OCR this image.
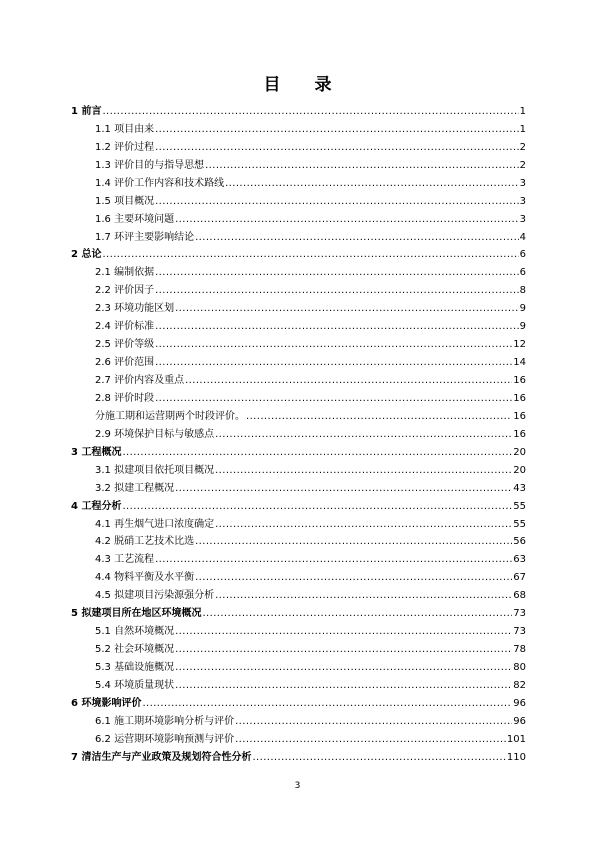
目 录
1 前言 .....	1
1.1 项目由来 .....	1
1.2 评价过程 .....	2
1.3 评价目的与指导思想 .....	2
1.4 评价工作内容和技术路线 .....	3
1.5 项目概况 .....	3
1.6 主要环境问题 .....	3
1.7 环评主要影响结论 .....	4
2 总论 .....	6
2.1 编制依据 .....	6
2.2 评价因子 .....	8
2.3 环境功能区划 .....	9
2.4 评价标准 .....	9
2.5 评价等级 .....	12
2.6 评价范围 .....	14
2.7 评价内容及重点 .....	16
2.8 评价时段 .....	16
分施工期和运营期两个时段评价。 .....	16
2.9 环境保护目标与敏感点 .....	16
3 工程概况 .....	20
3.1 拟建项目依托项目概况 .....	20
3.2 拟建工程概况 .....	43
4 工程分析 .....	55
4.1 再生烟气进口浓度确定 .....	55
4.2 脱硝工艺技术比选 .....	56
4.3 工艺流程 .....	63
4.4 物料平衡及水平衡 .....	67
4.5 拟建项目污染源强分析 .....	68
5 拟建项目所在地区环境概况 .....	73
5.1 自然环境概况 .....	73
5.2 社会环境概况 .....	78
5.3 基础设施概况 .....	80
5.4 环境质量现状 .....	82
6 环境影响评价 .....	96
6.1 施工期环境影响分析与评价 .....	96
6.2 运营期环境影响预测与评价 .....	101
7 清洁生产与产业政策及规划符合性分析 .....	110
3
